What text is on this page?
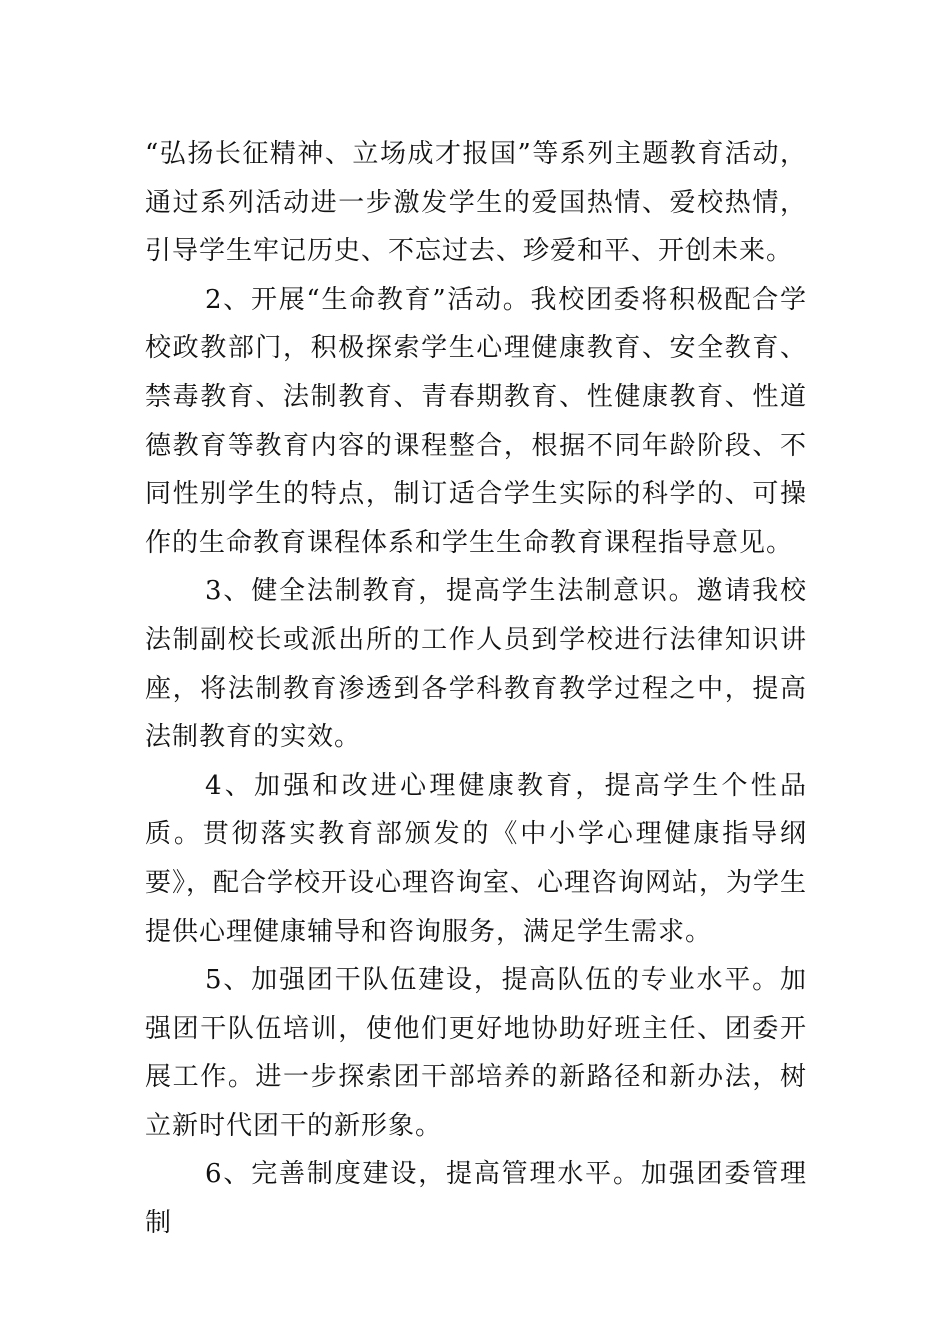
“弘扬长征精神、立场成才报国”等系列主题教育活动，通过系列活动进一步激发学生的爱国热情、爱校热情，引导学生牢记历史、不忘过去、珍爱和平、开创未来。

2、开展“生命教育”活动。我校团委将积极配合学校政教部门，积极探索学生心理健康教育、安全教育、禁毒教育、法制教育、青春期教育、性健康教育、性道德教育等教育内容的课程整合，根据不同年龄阶段、不同性别学生的特点，制订适合学生实际的科学的、可操作的生命教育课程体系和学生生命教育课程指导意见。

3、健全法制教育，提高学生法制意识。邀请我校法制副校长或派出所的工作人员到学校进行法律知识讲座，将法制教育渗透到各学科教育教学过程之中，提高法制教育的实效。

4、加强和改进心理健康教育，提高学生个性品质。贯彻落实教育部颁发的《中小学心理健康指导纲要》，配合学校开设心理咨询室、心理咨询网站，为学生提供心理健康辅导和咨询服务，满足学生需求。

5、加强团干队伍建设，提高队伍的专业水平。加强团干队伍培训，使他们更好地协助好班主任、团委开展工作。进一步探索团干部培养的新路径和新办法，树立新时代团干的新形象。

6、完善制度建设，提高管理水平。加强团委管理制
